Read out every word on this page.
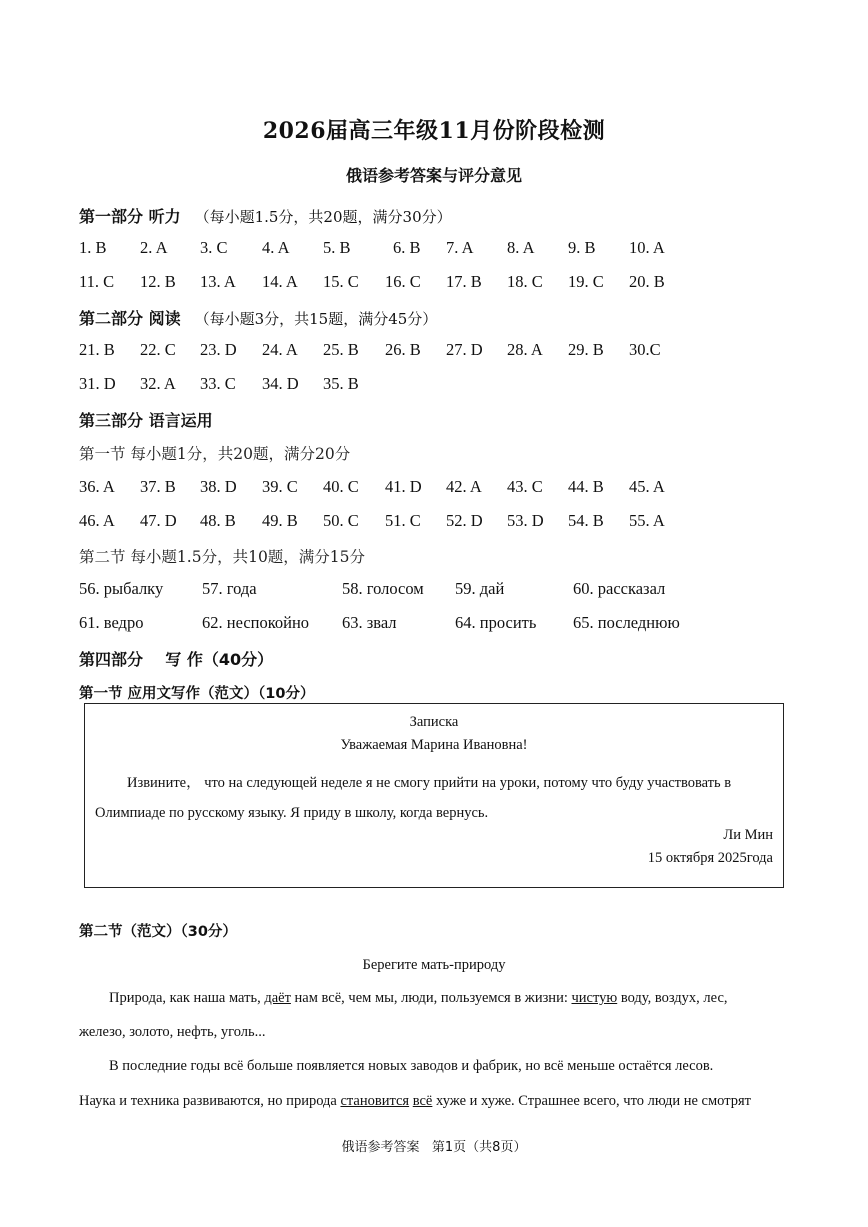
2026届高三年级11月份阶段检测
俄语参考答案与评分意见
第一部分 听力 （每小题1.5分，共20题，满分30分）
1. B 2. A 3. C 4. A 5. B	6. B 7. A 8. A 9. B 10. A
11. C 12. B 13. A 14. A 15. C 16. C 17. B 18. C 19. C 20. B
第二部分 阅读 （每小题3分，共15题，满分45分）
21. B 22. C 23. D 24. A 25. B 26. B 27. D 28. A 29. B 30.C
31. D 32. A 33. C 34. D 35. B
第三部分 语言运用
第一节 每小题1分，共20题，满分20分
36. A 37. B 38. D 39. C 40. C 41. D 42. A 43. C 44. B 45. A
46. A 47. D 48. B 49. B 50. C 51. C 52. D 53. D 54. B 55. A
第二节 每小题1.5分，共10题，满分15分
56. рыбалку 57. года	58. голосом 59. дай	60. рассказал
61. ведро	62. неспокойно 63. звал	64. просить 65. последнюю
第四部分    写 作（40分）
第一节 应用文写作（范文）（10分）
Записка
Уважаемая Марина Ивановна!
Извините， что на следующей неделе я не смогу прийти на уроки, потому что буду участвовать в
Олимпиаде по русскому языку. Я приду в школу, когда вернусь.
Ли Мин
15 октября 2025года
第二节（范文）（30分）
Берегите мать-природу
Природа, как наша мать, даёт нам всё, чем мы, люди, пользуемся в жизни: чистую воду, воздух, лес,
железо, золото, нефть, уголь...
В последние годы всё больше появляется новых заводов и фабрик, но всё меньше остаётся лесов.
Наука и техника развиваются, но природа становится всё хуже и хуже. Страшнее всего, что люди не смотрят
俄语参考答案   第1页（共8页）
